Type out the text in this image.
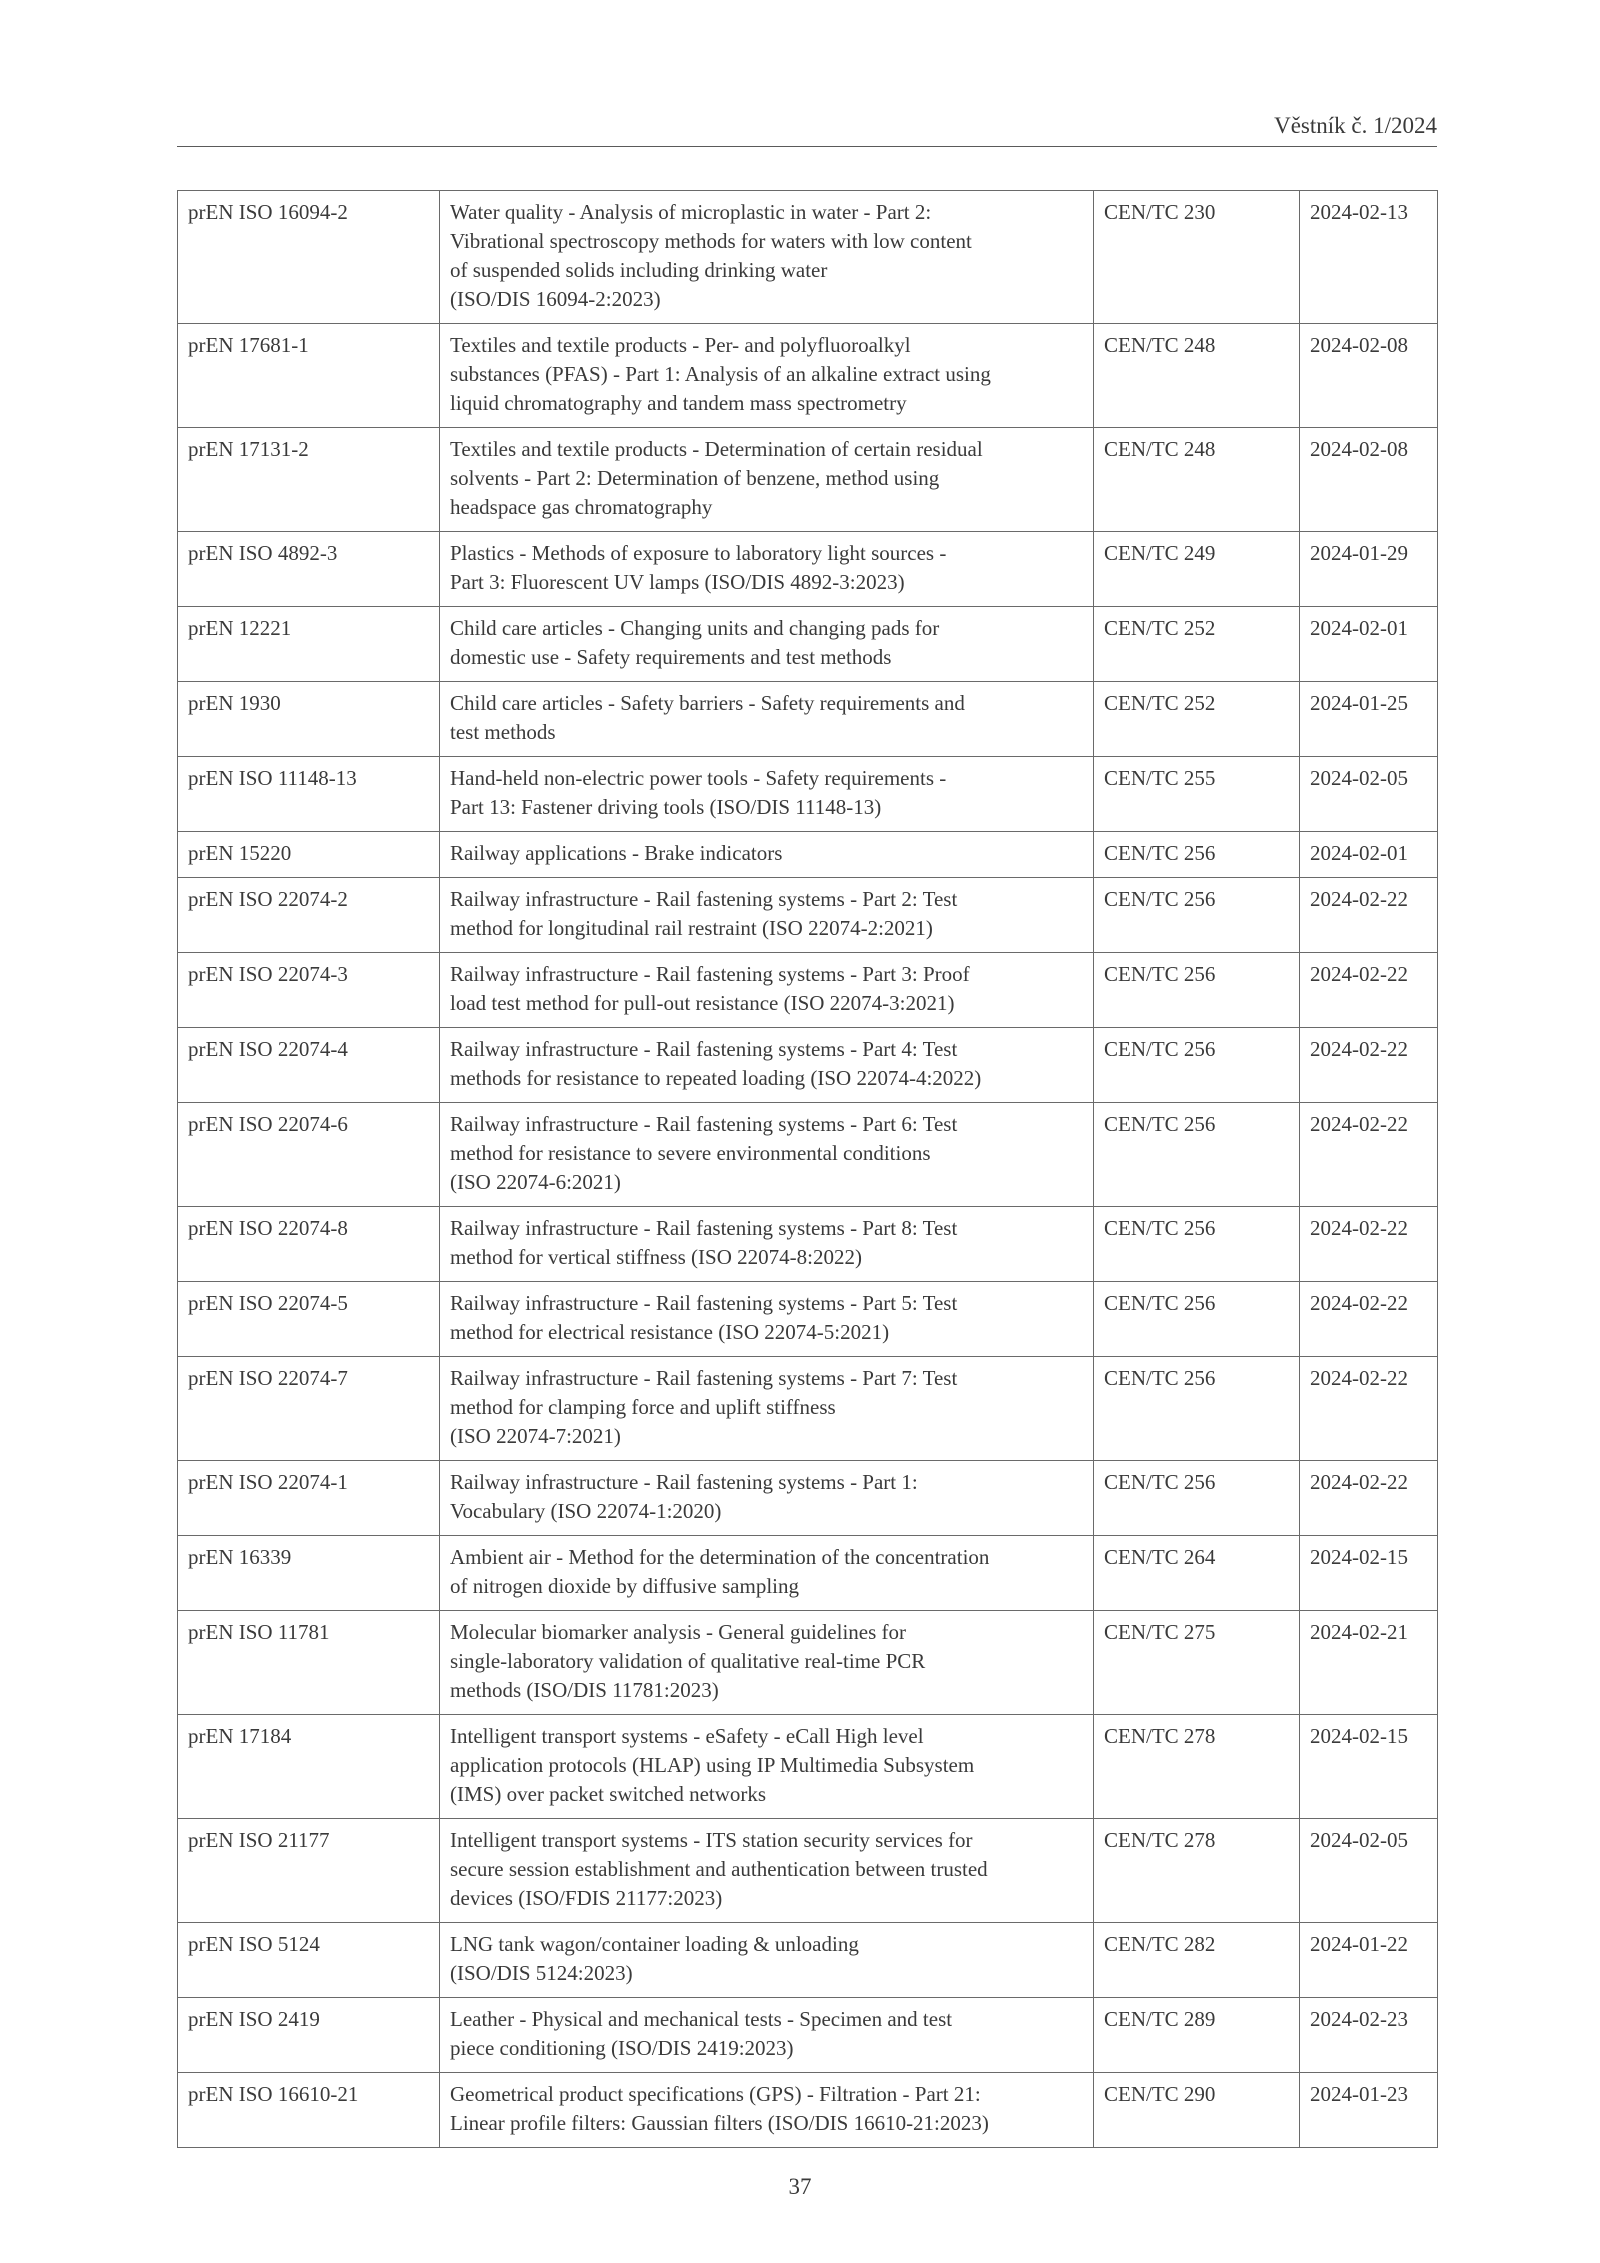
Věstník č. 1/2024
prEN ISO 16094-2	Water quality - Analysis of microplastic in water - Part 2:
Vibrational spectroscopy methods for waters with low content
of suspended solids including drinking water
(ISO/DIS 16094-2:2023)	CEN/TC 230	2024-02-13
prEN 17681-1	Textiles and textile products - Per- and polyfluoroalkyl
substances (PFAS) - Part 1: Analysis of an alkaline extract using
liquid chromatography and tandem mass spectrometry	CEN/TC 248	2024-02-08
prEN 17131-2	Textiles and textile products - Determination of certain residual
solvents - Part 2: Determination of benzene, method using
headspace gas chromatography	CEN/TC 248	2024-02-08
prEN ISO 4892-3	Plastics - Methods of exposure to laboratory light sources -
Part 3: Fluorescent UV lamps (ISO/DIS 4892-3:2023)	CEN/TC 249	2024-01-29
prEN 12221	Child care articles - Changing units and changing pads for
domestic use - Safety requirements and test methods	CEN/TC 252	2024-02-01
prEN 1930	Child care articles - Safety barriers - Safety requirements and
test methods	CEN/TC 252	2024-01-25
prEN ISO 11148-13	Hand-held non-electric power tools - Safety requirements -
Part 13: Fastener driving tools (ISO/DIS 11148-13)	CEN/TC 255	2024-02-05
prEN 15220	Railway applications - Brake indicators	CEN/TC 256	2024-02-01
prEN ISO 22074-2	Railway infrastructure - Rail fastening systems - Part 2: Test
method for longitudinal rail restraint (ISO 22074-2:2021)	CEN/TC 256	2024-02-22
prEN ISO 22074-3	Railway infrastructure - Rail fastening systems - Part 3: Proof
load test method for pull-out resistance (ISO 22074-3:2021)	CEN/TC 256	2024-02-22
prEN ISO 22074-4	Railway infrastructure - Rail fastening systems - Part 4: Test
methods for resistance to repeated loading (ISO 22074-4:2022)	CEN/TC 256	2024-02-22
prEN ISO 22074-6	Railway infrastructure - Rail fastening systems - Part 6: Test
method for resistance to severe environmental conditions
(ISO 22074-6:2021)	CEN/TC 256	2024-02-22
prEN ISO 22074-8	Railway infrastructure - Rail fastening systems - Part 8: Test
method for vertical stiffness (ISO 22074-8:2022)	CEN/TC 256	2024-02-22
prEN ISO 22074-5	Railway infrastructure - Rail fastening systems - Part 5: Test
method for electrical resistance (ISO 22074-5:2021)	CEN/TC 256	2024-02-22
prEN ISO 22074-7	Railway infrastructure - Rail fastening systems - Part 7: Test
method for clamping force and uplift stiffness
(ISO 22074-7:2021)	CEN/TC 256	2024-02-22
prEN ISO 22074-1	Railway infrastructure - Rail fastening systems - Part 1:
Vocabulary (ISO 22074-1:2020)	CEN/TC 256	2024-02-22
prEN 16339	Ambient air - Method for the determination of the concentration
of nitrogen dioxide by diffusive sampling	CEN/TC 264	2024-02-15
prEN ISO 11781	Molecular biomarker analysis - General guidelines for
single-laboratory validation of qualitative real-time PCR
methods (ISO/DIS 11781:2023)	CEN/TC 275	2024-02-21
prEN 17184	Intelligent transport systems - eSafety - eCall High level
application protocols (HLAP) using IP Multimedia Subsystem
(IMS) over packet switched networks	CEN/TC 278	2024-02-15
prEN ISO 21177	Intelligent transport systems - ITS station security services for
secure session establishment and authentication between trusted
devices (ISO/FDIS 21177:2023)	CEN/TC 278	2024-02-05
prEN ISO 5124	LNG tank wagon/container loading & unloading
(ISO/DIS 5124:2023)	CEN/TC 282	2024-01-22
prEN ISO 2419	Leather - Physical and mechanical tests - Specimen and test
piece conditioning (ISO/DIS 2419:2023)	CEN/TC 289	2024-02-23
prEN ISO 16610-21	Geometrical product specifications (GPS) - Filtration - Part 21:
Linear profile filters: Gaussian filters (ISO/DIS 16610-21:2023)	CEN/TC 290	2024-01-23
37
